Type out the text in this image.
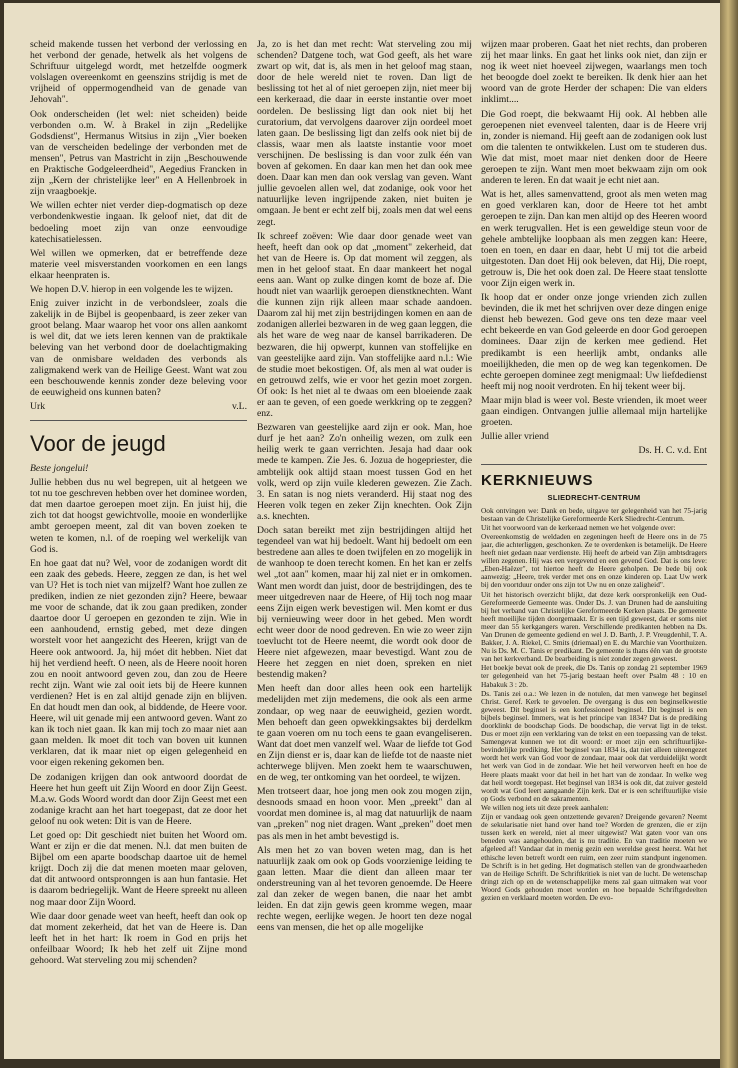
scheid makende tussen het verbond der verlossing en het verbond der genade, hetwelk als het volgens de Schriftuur uitgelegd wordt, met hetzelfde oogmerk volslagen overeenkomt en geenszins strijdig is met de vrijheid of oppermogendheid van de genade van Jehovah".

Ook onderscheiden (let wel: niet scheiden) beide verbonden o.m. W. à Brakel in zijn „Redelijke Godsdienst", Hermanus Witsius in zijn „Vier boeken van de verscheiden bedelinge der verbonden met de mensen", Petrus van Mastricht in zijn „Beschouwende en Praktische Godgeleerdheid", Aegedius Francken in zijn „Kern der christelijke leer" en A Hellenbroek in zijn vraagboekje.

We willen echter niet verder diep-dogmatisch op deze verbondenkwestie ingaan. Ik geloof niet, dat dit de bedoeling moet zijn van onze eenvoudige katechisatielessen.

Wel willen we opmerken, dat er betreffende deze materie veel misverstanden voorkomen en een langs elkaar heenpraten is.

We hopen D.V. hierop in een volgende les te wijzen.

Enig zuiver inzicht in de verbondsleer, zoals die zakelijk in de Bijbel is geopenbaard, is zeer zeker van groot belang. Maar waarop het voor ons allen aankomt is wel dit, dat we iets leren kennen van de praktikale beleving van het verbond door de doelachtigmaking van de onmisbare weldaden des verbonds als zaligmakend werk van de Heilige Geest. Want wat zou een beschouwende kennis zonder deze beleving voor de eeuwigheid ons kunnen baten?

Urk	v.L.
Voor de jeugd
Beste jongelui!

Jullie hebben dus nu wel begrepen, uit al hetgeen we tot nu toe geschreven hebben over het dominee worden, dat men daartoe geroepen moet zijn. En juist hij, die zich tot dat hoogst gewichtvolle, mooie en wonderlijke ambt geroepen meent, zal dit van boven zoeken te weten te komen, n.l. of de roeping wel werkelijk van God is.

En hoe gaat dat nu? Wel, voor de zodanigen wordt dit een zaak des gebeds. Heere, zeggen ze dan, is het wel van U? Het is toch niet van mijzelf? Want hoe zullen ze prediken, indien ze niet gezonden zijn? Heere, bewaar me voor de schande, dat ik zou gaan prediken, zonder daartoe door U geroepen en gezonden te zijn. Wie in een aanhoudend, ernstig gebed, met deze dingen worstelt voor het aangezicht des Heeren, krijgt van de Heere ook antwoord. Ja, hij móet dit hebben. Niet dat hij het verdiend heeft. O neen, als de Heere nooit horen zou en nooit antwoord geven zou, dan zou de Heere recht zijn. Want wie zal ooit iets bij de Heere kunnen verdienen? Het is en zal altijd genade zijn en blijven. En dat houdt men dan ook, al biddende, de Heere voor. Heere, wil uit genade mij een antwoord geven. Want zo kan ik toch niet gaan. Ik kan mij toch zo maar niet aan gaan melden. Ik moet dit toch van boven uit kunnen verklaren, dat ik maar niet op eigen gelegenheid en voor eigen rekening gekomen ben.

De zodanigen krijgen dan ook antwoord doordat de Heere het hun geeft uit Zijn Woord en door Zijn Geest. M.a.w. Gods Woord wordt dan door Zijn Geest met een zodanige kracht aan het hart toegepast, dat ze door het geloof nu ook weten: Dit is van de Heere.

Let goed op: Dit geschiedt niet buiten het Woord om. Want er zijn er die dat menen. N.l. dat men buiten de Bijbel om een aparte boodschap daartoe uit de hemel krijgt. Doch zij die dat menen moeten maar geloven, dat dit antwoord ontspronngen is aan hun fantasie. Het is daarom bedriegelijk. Want de Heere spreekt nu alleen nog maar door Zijn Woord.

Wie daar door genade weet van heeft, heeft dan ook op dat moment zekerheid, dat het van de Heere is. Dan leeft het in het hart: Ik roem in God en prijs het onfeilbaar Woord; Ik heb het zelf uit Zijne mond gehoord. Wat sterveling zou mij schenden?

Ja, zo is het dan met recht: Wat sterveling zou mij schenden? Datgene toch, wat God geeft, als het ware zwart op wit, dat is, als men in het geloof mag staan, door de hele wereld niet te roven. Dan ligt de beslissing tot het al of niet geroepen zijn, niet meer bij een kerkeraad, die daar in eerste instantie over moet oordelen. De beslissing ligt dan ook niet bij het curatorium, dat vervolgens daarover zijn oordeel moet laten gaan. De beslissing ligt dan zelfs ook niet bij de classis, waar men als laatste instantie voor moet verschijnen. De beslissing is dan voor zulk één van boven af gekomen. En daar kan men het dan ook mee doen. Daar kan men dan ook verslag van geven. Want jullie gevoelen allen wel, dat zodanige, ook voor het natuurlijke leven ingrijpende zaken, niet buiten je omgaan. Je bent er echt zelf bij, zoals men dat wel eens zegt.

Ik schreef zoëven: Wie daar door genade weet van heeft, heeft dan ook op dat „moment" zekerheid, dat het van de Heere is. Op dat moment wil zeggen, als men in het geloof staat. En daar mankeert het nogal eens aan. Want op zulke dingen komt de boze af. Die houdt niet van waarlijk geroepen dienstknechten. Want die kunnen zijn rijk alleen maar schade aandoen. Daarom zal hij met zijn bestrijdingen komen en aan de zodanigen allerlei bezwaren in de weg gaan leggen, die als het ware de weg naar de kansel barrikaderen. De bezwaren, die hij opwerpt, kunnen van stoffelijke en van geestelijke aard zijn. Van stoffelijke aard n.l.: Wie de studie moet bekostigen. Of, als men al wat ouder is en getrouwd zelfs, wie er voor het gezin moet zorgen. Of ook: Is het niet al te dwaas om een bloeiende zaak er aan te geven, of een goede werkkring op te zeggen? enz.

Bezwaren van geestelijke aard zijn er ook. Man, hoe durf je het aan? Zo'n onheilig wezen, om zulk een heilig werk te gaan verrichten. Jesaja had daar ook mede te kampen. Zie Jes. 6. Jozua de hogepriester, die ambtelijk ook altijd staan moest tussen God en het volk, werd op zijn vuile klederen gewezen. Zie Zach. 3. En satan is nog niets veranderd. Hij staat nog des Heeren volk tegen en zeker Zijn knechten. Ook Zijn a.s. knechten.

Doch satan bereikt met zijn bestrijdingen altijd het tegendeel van wat hij bedoelt. Want hij bedoelt om een bestredene aan alles te doen twijfelen en zo mogelijk in de wanhoop te doen terecht komen. En het kan er zelfs wel „tot aan" komen, maar hij zal niet er in omkomen. Want men wordt dan juist, door de bestrijdingen, des te meer uitgedreven naar de Heere, of Hij toch nog maar eens Zijn eigen werk bevestigen wil. Men komt er dus bij vernieuwing weer door in het gebed. Men wordt echt weer door de nood gedreven. En wie zo weer zijn toevlucht tot de Heere neemt, die wordt ook door de Heere niet afgewezen, maar bevestigd. Want zou de Heere het zeggen en niet doen, spreken en niet bestendig maken?

Men heeft dan door alles heen ook een hartelijk medelijden met zijn medemens, die ook als een arme zondaar, op weg naar de eeuwigheid, gezien wordt. Men behoeft dan geen opwekkingsaktes bij derdelkm te gaan voeren om nu toch eens te gaan evangeliseren. Want dat doet men vanzelf wel. Waar de liefde tot God en Zijn dienst er is, daar kan de liefde tot de naaste niet achterwege blijven. Men zoekt hem te waarschuwen, en de weg, ter ontkoming van het oordeel, te wijzen.

Men trotseert daar, hoe jong men ook zou mogen zijn, desnoods smaad en hoon voor. Men „preekt" dan al voordat men dominee is, al mag dat natuurlijk de naam van „preken" nog niet dragen. Want „preken" doet men pas als men in het ambt bevestigd is.

Als men het zo van boven weten mag, dan is het natuurlijk zaak om ook op Gods voorzienige leiding te gaan letten. Maar die dient dan alleen maar ter onderstreuning van al het tevoren genoemde. De Heere zal dan zeker de wegen banen, die naar het ambt leiden. En dat zijn gewis geen kromme wegen, maar rechte wegen, eerlijke wegen. Je hoort ten deze nogal eens van mensen, die het op alle mogelijke

wijzen maar proberen. Gaat het niet rechts, dan proberen zij het maar links. En gaat het links ook niet, dan zijn er nog ik weet niet hoeveel zijwegen, waarlangs men toch het beoogde doel zoekt te bereiken. Ik denk hier aan het woord van de grote Herder der schapen: Die van elders inklimt....

Die God roept, die bekwaamt Hij ook. Al hebben alle geroepenen niet evenveel talenten, daar is de Heere vrij in, zonder is niemand. Hij geeft aan de zodanigen ook lust om die talenten te ontwikkelen. Lust om te studeren dus. Wie dat mist, moet maar niet denken door de Heere geroepen te zijn. Want men moet bekwaam zijn om ook anderen te leren. En dat waait je echt niet aan.

Wat is het, alles samenvattend, groot als men weten mag en goed verklaren kan, door de Heere tot het ambt geroepen te zijn. Dan kan men altijd op des Heeren woord en werk terugvallen. Het is een geweldige steun voor de gehele ambtelijke loopbaan als men zeggen kan: Heere, toen en toen, en daar en daar, hebt U mij tot die arbeid uitgestoten. Dan doet Hij ook beleven, dat Hij, Die roept, getrouw is, Die het ook doen zal. De Heere staat tenslotte voor Zijn eigen werk in.

Ik hoop dat er onder onze jonge vrienden zich zullen bevinden, die ik met het schrijven over deze dingen enige dienst heb bewezen. God geve ons ten deze maar veel echt bekeerde en van God geleerde en door God geroepen dominees. Daar zijn de kerken mee gediend. Het predikambt is een heerlijk ambt, ondanks alle moeilijkheden, die men op de weg kan tegenkomen. De echte geroepen dominee zegt menigmaal: Uw liefdedienst heeft mij nog nooit verdroten. En hij tekent weer bij.

Maar mijn blad is weer vol. Beste vrienden, ik moet weer gaan eindigen. Ontvangen jullie allemaal mijn hartelijke groeten.

Jullie aller vriend

Ds. H. C. v.d. Ent
KERKNIEUWS
SLIEDRECHT-CENTRUM

Ook ontvingen we: Dank en bede, uitgave ter gelegenheid van het 75-jarig bestaan van de Christelijke Gereformeerde Kerk Sliedrecht-Centrum.

Uit het voorwoord van de kerkeraad nemen we het volgende over:

Overeenkomstig de weldaden en zegeningen heeft de Heere ons in de 75 jaar, die achterliggen, geschonken. Ze te overdenken is betamelijk. De Heere heeft niet gedaan naar verdienste. Hij heeft de arbeid van Zijn ambtsdragers willen zegenen. Hij was een vergevend en een gevend God. Dat is ons leve: „Eben-Haëzer", tot hiertoe heeft de Heere geholpen. De bede bij ook aanwezig: „Heere, trek verder met ons en onze kinderen op. Laat Uw werk bij den voortduur onder ons zijn tot Uw nu en onze zaligheid".

Uit het historisch overzicht blijkt, dat deze kerk oorspronkelijk een Oud-Gereformeerde Gemeente was. Onder Ds. J. van Drunen had de aansluiting bij het verband van Christelijke Gereformeerde Kerken plaats. De gemeente heeft moeilijke tijden doorgemaakt. Er is een tijd geweest, dat er soms niet meer dan 55 kerkgangers waren. Verschillende predikanten hebben na Ds. Van Drunen de gemeente gediend en wel J. D. Barth, J. P. Vreugdenhil, T. A. Bakker, J. A. Riekel, C. Smits (driemaal) en E. du Marchie van Voorthuizen. Nu is Ds. M. C. Tanis er predikant. De gemeente is thans één van de grootste van het kerkverband. De bearbeiding is niet zonder zegen geweest.

Het boekje bevat ook de preek, die Ds. Tanis op zondag 21 september 1969 ter gelegenheid van het 75-jarig bestaan heeft over Psalm 48 : 10 en Habakuk 3 : 2b.

Ds. Tanis zei o.a.: We lezen in de notulen, dat men vanwege het beginsel Christ. Geref. Kerk te gevoelen. De overgang is dus een beginselkwestie geweest. Dit beginsel is een konfessioneel beginsel. Dit beginsel is een bijbels beginsel. Immers, wat is het principe van 1834? Dat is de prediking doorklinkt de boodschap Gods. De boodschap, die vervat ligt in de tekst. Dus er moet zijn een verklaring van de tekst en een toepassing van de tekst. Samengevat kunnen we tot dit woord: er moet zijn een schriftuurlijke-bevindelijke prediking. Het beginsel van 1834 is, dat niet alleen uiteengezet wordt het werk van God voor de zondaar, maar ook dat verduidelijkt wordt het werk van God in de zondaar. Wie het heil verworven heeft en hoe de Heere plaats maakt voor dat heil in het hart van de zondaar. In welke weg dat heil wordt toegepast. Het beginsel van 1834 is ook dit, dat zuiver gesteld wordt wat God leert aangaande Zijn kerk. Dat er is een schriftuurlijke visie op Gods verbond en de sakramenten.

We willen nog iets uit deze preek aanhalen:

Zijn er vandaag ook geen ontzettende gevaren? Dreigende gevaren? Neemt de sekularisatie niet hand over hand toe? Worden de grenzen, die er zijn tussen kerk en wereld, niet al meer uitgewist? Wat gaten voor van ons beneden was aangehouden, dat is nu traditie. En van traditie moeten we afgeleed af! Vandaar dat in menig gezin een wereldse geest heerst. Wat het ethische leven betreft wordt een ruim, een zeer ruim standpunt ingenomen. De Schrift is in het geding. Het dogmatisch stellen van de grondwaarheden van de Heilige Schrift. De Schriftkritiek is niet van de lucht. De wetenschap dringt zich op en de wetenschappelijke mens zal gaan uitmaken wat voor Woord Gods gehouden moet worden en hoe bepaalde Schriftgedeelten gezien en verklaard moeten worden. De evo-
